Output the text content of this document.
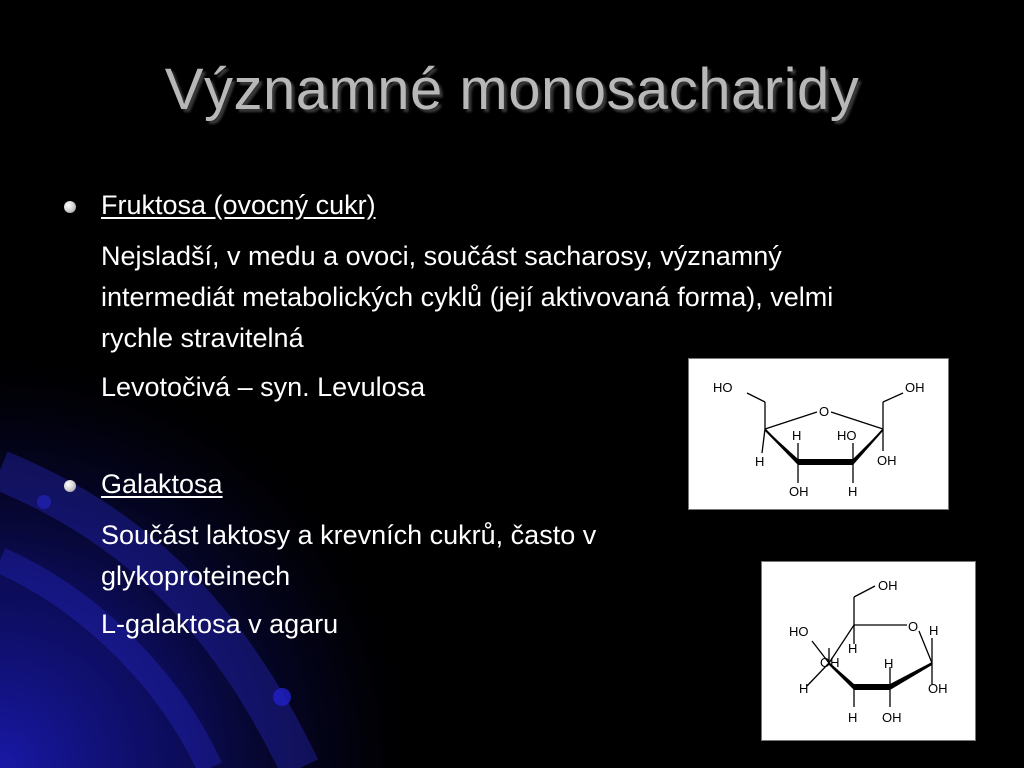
Významné monosacharidy
Fruktosa (ovocný cukr)
Nejsladší, v medu a ovoci, součást sacharosy, významný intermediát metabolických cyklů (její aktivovaná forma), velmi rychle stravitelná
Levotočivá – syn. Levulosa
Galaktosa
Součást laktosy a krevních cukrů, často v glykoproteinech
L-galaktosa v agaru
HO	OH
O
H
H	HO
OH
OH	H
OH
HO
H
O H
H
OH	H
OH
H OH
